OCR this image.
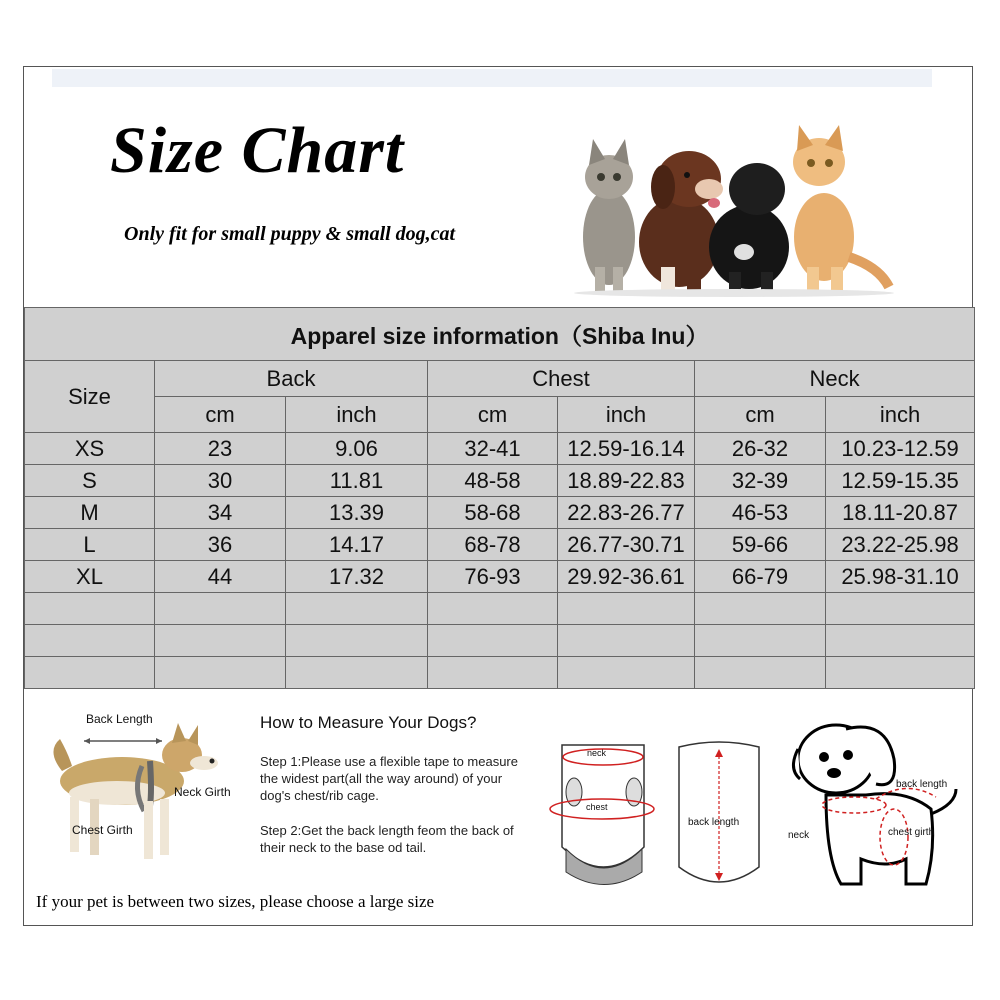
Size Chart
Only fit for small puppy & small dog,cat
Apparel size information（Shiba Inu）						
Size	Back		Chest		Neck	
	cm	inch	cm	inch	cm	inch
XS	23	9.06	32-41	12.59-16.14	26-32	10.23-12.59
S	30	11.81	48-58	18.89-22.83	32-39	12.59-15.35
M	34	13.39	58-68	22.83-26.77	46-53	18.11-20.87
L	36	14.17	68-78	26.77-30.71	59-66	23.22-25.98
XL	44	17.32	76-93	29.92-36.61	66-79	25.98-31.10

Back Length
Neck Girth
Chest Girth
How to Measure Your Dogs?
Step 1:Please use a flexible tape to measure the widest part(all the way around) of your dog's chest/rib cage.
Step 2:Get the back length feom the back of their neck to the base od tail.
neck
chest
back length
back length
neck	chest girth
If your pet is between two sizes, please choose a large size
